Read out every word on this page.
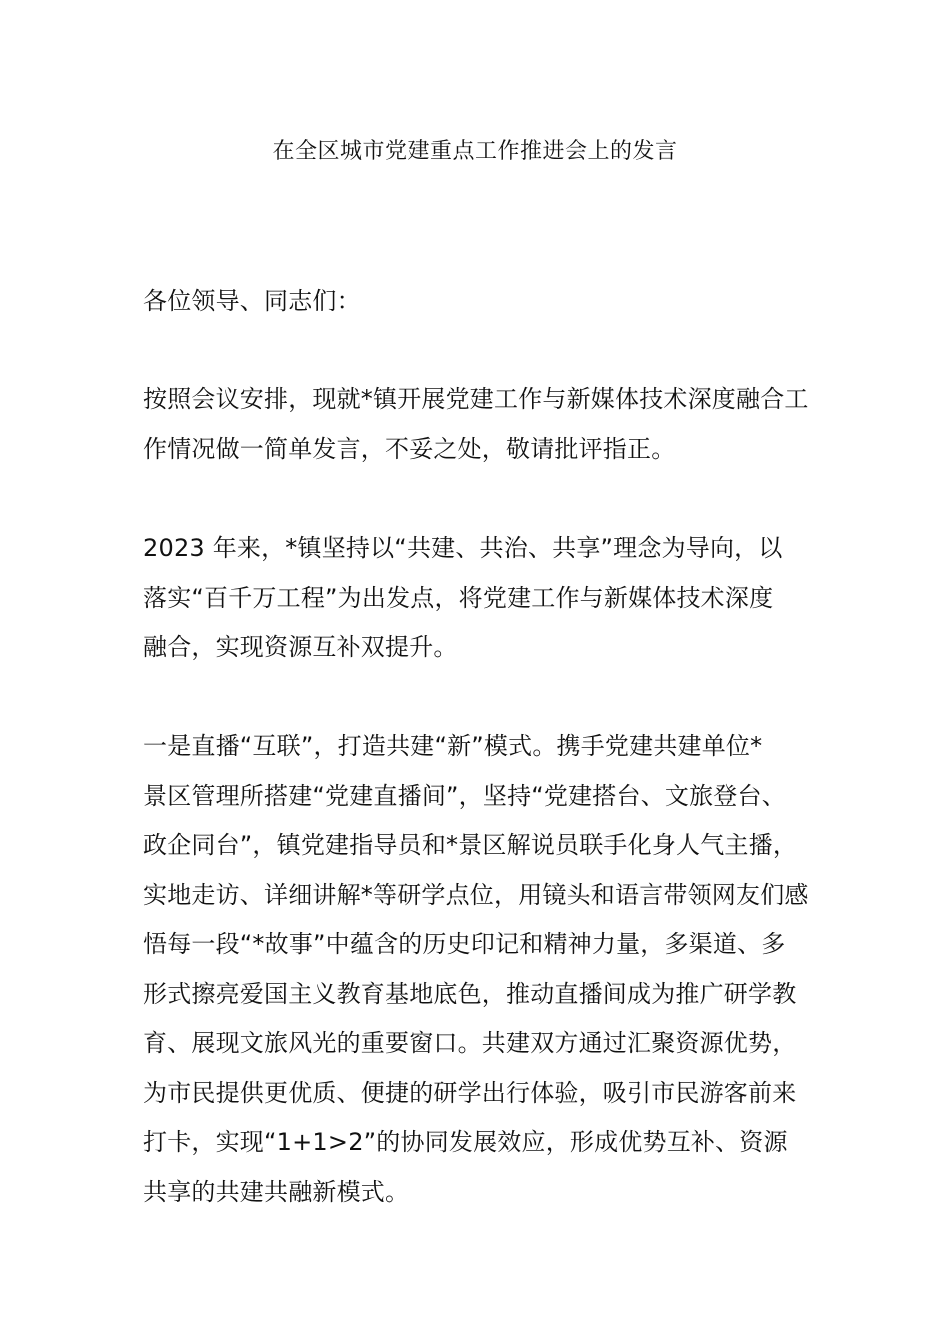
在全区城市党建重点工作推进会上的发言

各位领导、同志们：

按照会议安排，现就*镇开展党建工作与新媒体技术深度融合工
作情况做一简单发言，不妥之处，敬请批评指正。

2023 年来，*镇坚持以“共建、共治、共享”理念为导向，以
落实“百千万工程”为出发点，将党建工作与新媒体技术深度
融合，实现资源互补双提升。

一是直播“互联”，打造共建“新”模式。携手党建共建单位*
景区管理所搭建“党建直播间”，坚持“党建搭台、文旅登台、
政企同台”，镇党建指导员和*景区解说员联手化身人气主播，
实地走访、详细讲解*等研学点位，用镜头和语言带领网友们感
悟每一段“*故事”中蕴含的历史印记和精神力量，多渠道、多
形式擦亮爱国主义教育基地底色，推动直播间成为推广研学教
育、展现文旅风光的重要窗口。共建双方通过汇聚资源优势，
为市民提供更优质、便捷的研学出行体验，吸引市民游客前来
打卡，实现“1+1>2”的协同发展效应，形成优势互补、资源
共享的共建共融新模式。
